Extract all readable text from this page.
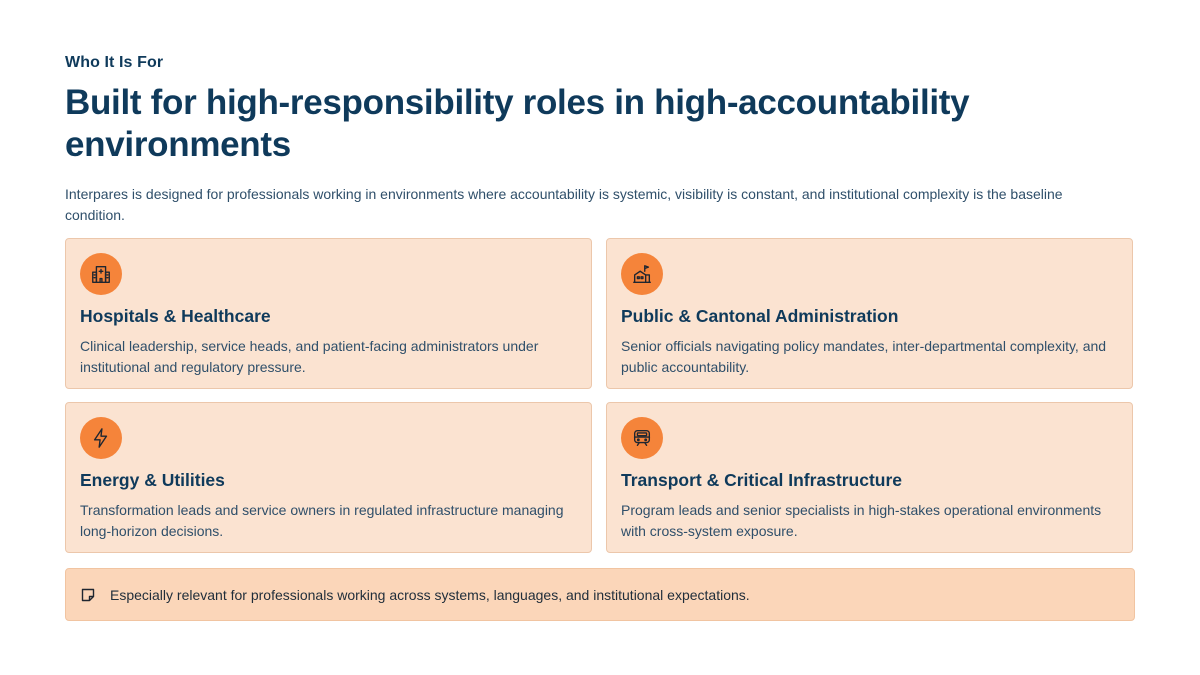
Who It Is For
Built for high-responsibility roles in high-accountability environments

Interpares is designed for professionals working in environments where accountability is systemic, visibility is constant, and institutional complexity is the baseline condition.

Hospitals & Healthcare

Clinical leadership, service heads, and patient-facing administrators under institutional and regulatory pressure.

Public & Cantonal Administration

Senior officials navigating policy mandates, inter-departmental complexity, and public accountability.

Energy & Utilities

Transformation leads and service owners in regulated infrastructure managing long-horizon decisions.

Transport & Critical Infrastructure

Program leads and senior specialists in high-stakes operational environments with cross-system exposure.

Especially relevant for professionals working across systems, languages, and institutional expectations.
